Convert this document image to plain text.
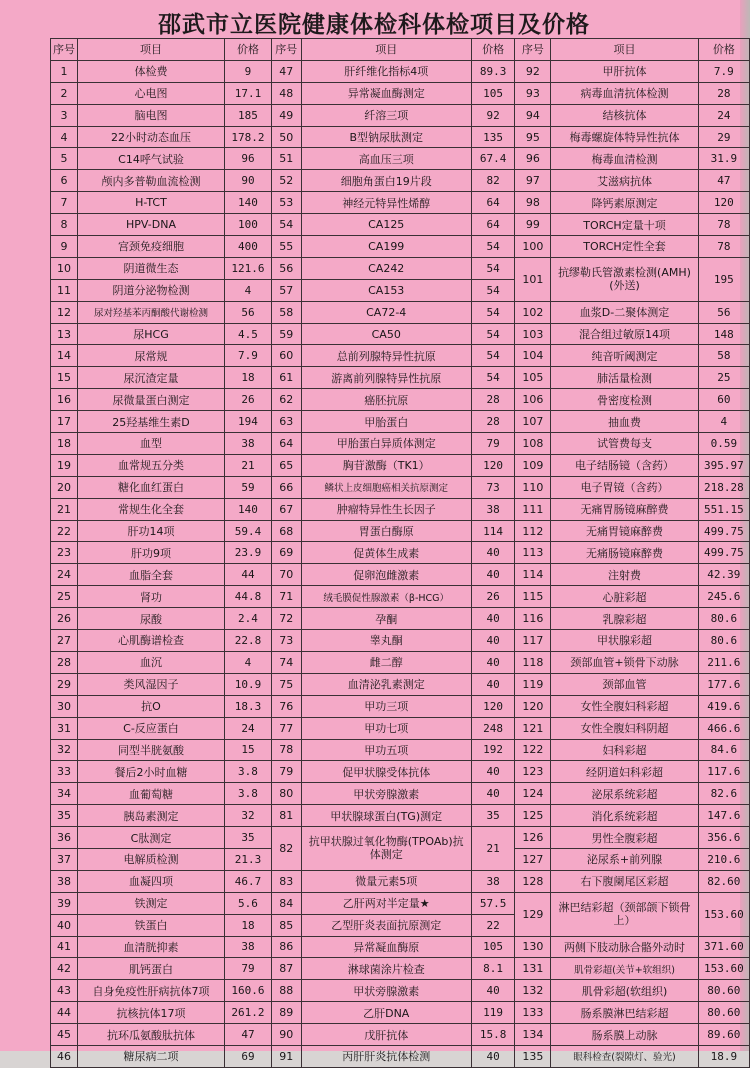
邵武市立医院健康体检科体检项目及价格
序号	项目	价格	序号	项目	价格	序号	项目	价格
1	体检费	9	47	肝纤维化指标4项	89.3	92	甲肝抗体	7.9
2	心电图	17.1	48	异常凝血酶测定	105	93	病毒血清抗体检测	28
3	脑电图	185	49	纤溶三项	92	94	结核抗体	24
4	22小时动态血压	178.2	50	B型钠尿肽测定	135	95	梅毒螺旋体特异性抗体	29
5	C14呼气试验	96	51	高血压三项	67.4	96	梅毒血清检测	31.9
6	颅内多普勒血流检测	90	52	细胞角蛋白19片段	82	97	艾滋病抗体	47
7	H-TCT	140	53	神经元特异性烯醇	64	98	降钙素原测定	120
8	HPV-DNA	100	54	CA125	64	99	TORCH定量十项	78
9	宫颈免疫细胞	400	55	CA199	54	100	TORCH定性全套	78
10	阴道微生态	121.6	56	CA242	54	101	抗缪勒氏管激素检测(AMH)(外送)	195
11	阴道分泌物检测	4	57	CA153	54			
12	尿对羟基苯丙酮酸代谢检测	56	58	CA72-4	54	102	血浆D-二聚体测定	56
13	尿HCG	4.5	59	CA50	54	103	混合组过敏原14项	148
14	尿常规	7.9	60	总前列腺特异性抗原	54	104	纯音听阈测定	58
15	尿沉渣定量	18	61	游离前列腺特异性抗原	54	105	肺活量检测	25
16	尿微量蛋白测定	26	62	癌胚抗原	28	106	骨密度检测	60
17	25羟基维生素D	194	63	甲胎蛋白	28	107	抽血费	4
18	血型	38	64	甲胎蛋白异质体测定	79	108	试管费每支	0.59
19	血常规五分类	21	65	胸苷激酶（TK1）	120	109	电子结肠镜（含药）	395.97
20	糖化血红蛋白	59	66	鳞状上皮细胞癌相关抗原测定	73	110	电子胃镜（含药）	218.28
21	常规生化全套	140	67	肿瘤特异性生长因子	38	111	无痛胃肠镜麻醉费	551.15
22	肝功14项	59.4	68	胃蛋白酶原	114	112	无痛胃镜麻醉费	499.75
23	肝功9项	23.9	69	促黄体生成素	40	113	无痛肠镜麻醉费	499.75
24	血脂全套	44	70	促卵泡雌激素	40	114	注射费	42.39
25	肾功	44.8	71	绒毛膜促性腺激素（β-HCG）	26	115	心脏彩超	245.6
26	尿酸	2.4	72	孕酮	40	116	乳腺彩超	80.6
27	心肌酶谱检查	22.8	73	睾丸酮	40	117	甲状腺彩超	80.6
28	血沉	4	74	雌二醇	40	118	颈部血管+锁骨下动脉	211.6
29	类风湿因子	10.9	75	血清泌乳素测定	40	119	颈部血管	177.6
30	抗O	18.3	76	甲功三项	120	120	女性全腹妇科彩超	419.6
31	C-反应蛋白	24	77	甲功七项	248	121	女性全腹妇科阴超	466.6
32	同型半胱氨酸	15	78	甲功五项	192	122	妇科彩超	84.6
33	餐后2小时血糖	3.8	79	促甲状腺受体抗体	40	123	经阴道妇科彩超	117.6
34	血葡萄糖	3.8	80	甲状旁腺激素	40	124	泌尿系统彩超	82.6
35	胰岛素测定	32	81	甲状腺球蛋白(TG)测定	35	125	消化系统彩超	147.6
36	C肽测定	35	82	抗甲状腺过氧化物酶(TPOAb)抗体测定	21	126	男性全腹彩超	356.6
37	电解质检测	21.3				127	泌尿系+前列腺	210.6
38	血凝四项	46.7	83	微量元素5项	38	128	右下腹阑尾区彩超	82.60
39	铁测定	5.6	84	乙肝两对半定量★	57.5	129	淋巴结彩超（颈部颌下锁骨上）	153.60
40	铁蛋白	18	85	乙型肝炎表面抗原测定	22			
41	血清胱抑素	38	86	异常凝血酶原	105	130	两侧下肢动脉合骼外动时	371.60
42	肌钙蛋白	79	87	淋球菌涂片检查	8.1	131	肌骨彩超(关节+软组织)	153.60
43	自身免疫性肝病抗体7项	160.6	88	甲状旁腺激素	40	132	肌骨彩超(软组织)	80.60
44	抗核抗体17项	261.2	89	乙肝DNA	119	133	肠系膜淋巴结彩超	80.60
45	抗环瓜氨酸肽抗体	47	90	戊肝抗体	15.8	134	肠系膜上动脉	89.60
46	糖尿病二项	69	91	丙肝肝炎抗体检测	40	135	眼科检查(裂隙灯、验光)	18.9
